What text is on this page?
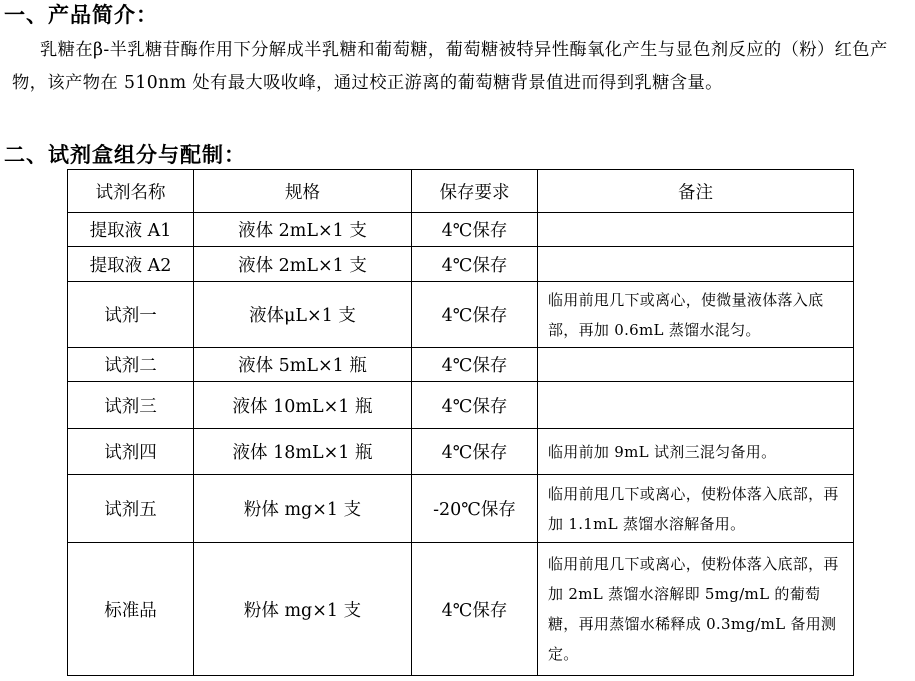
一、产品简介：
乳糖在β-半乳糖苷酶作用下分解成半乳糖和葡萄糖，葡萄糖被特异性酶氧化产生与显色剂反应的（粉）红色产物，该产物在 510nm 处有最大吸收峰，通过校正游离的葡萄糖背景值进而得到乳糖含量。
二、试剂盒组分与配制：
试剂名称	规格	保存要求	备注
提取液 A1	液体 2mL×1 支	4℃保存	
提取液 A2	液体 2mL×1 支	4℃保存	
试剂一	液体μL×1 支	4℃保存	临用前甩几下或离心，使微量液体落入底部，再加 0.6mL 蒸馏水混匀。
试剂二	液体 5mL×1 瓶	4℃保存	
试剂三	液体 10mL×1 瓶	4℃保存	
试剂四	液体 18mL×1 瓶	4℃保存	临用前加 9mL 试剂三混匀备用。
试剂五	粉体 mg×1 支	-20℃保存	临用前甩几下或离心，使粉体落入底部，再加 1.1mL 蒸馏水溶解备用。
标准品	粉体 mg×1 支	4℃保存	临用前甩几下或离心，使粉体落入底部，再加 2mL 蒸馏水溶解即 5mg/mL 的葡萄糖，再用蒸馏水稀释成 0.3mg/mL 备用测定。
